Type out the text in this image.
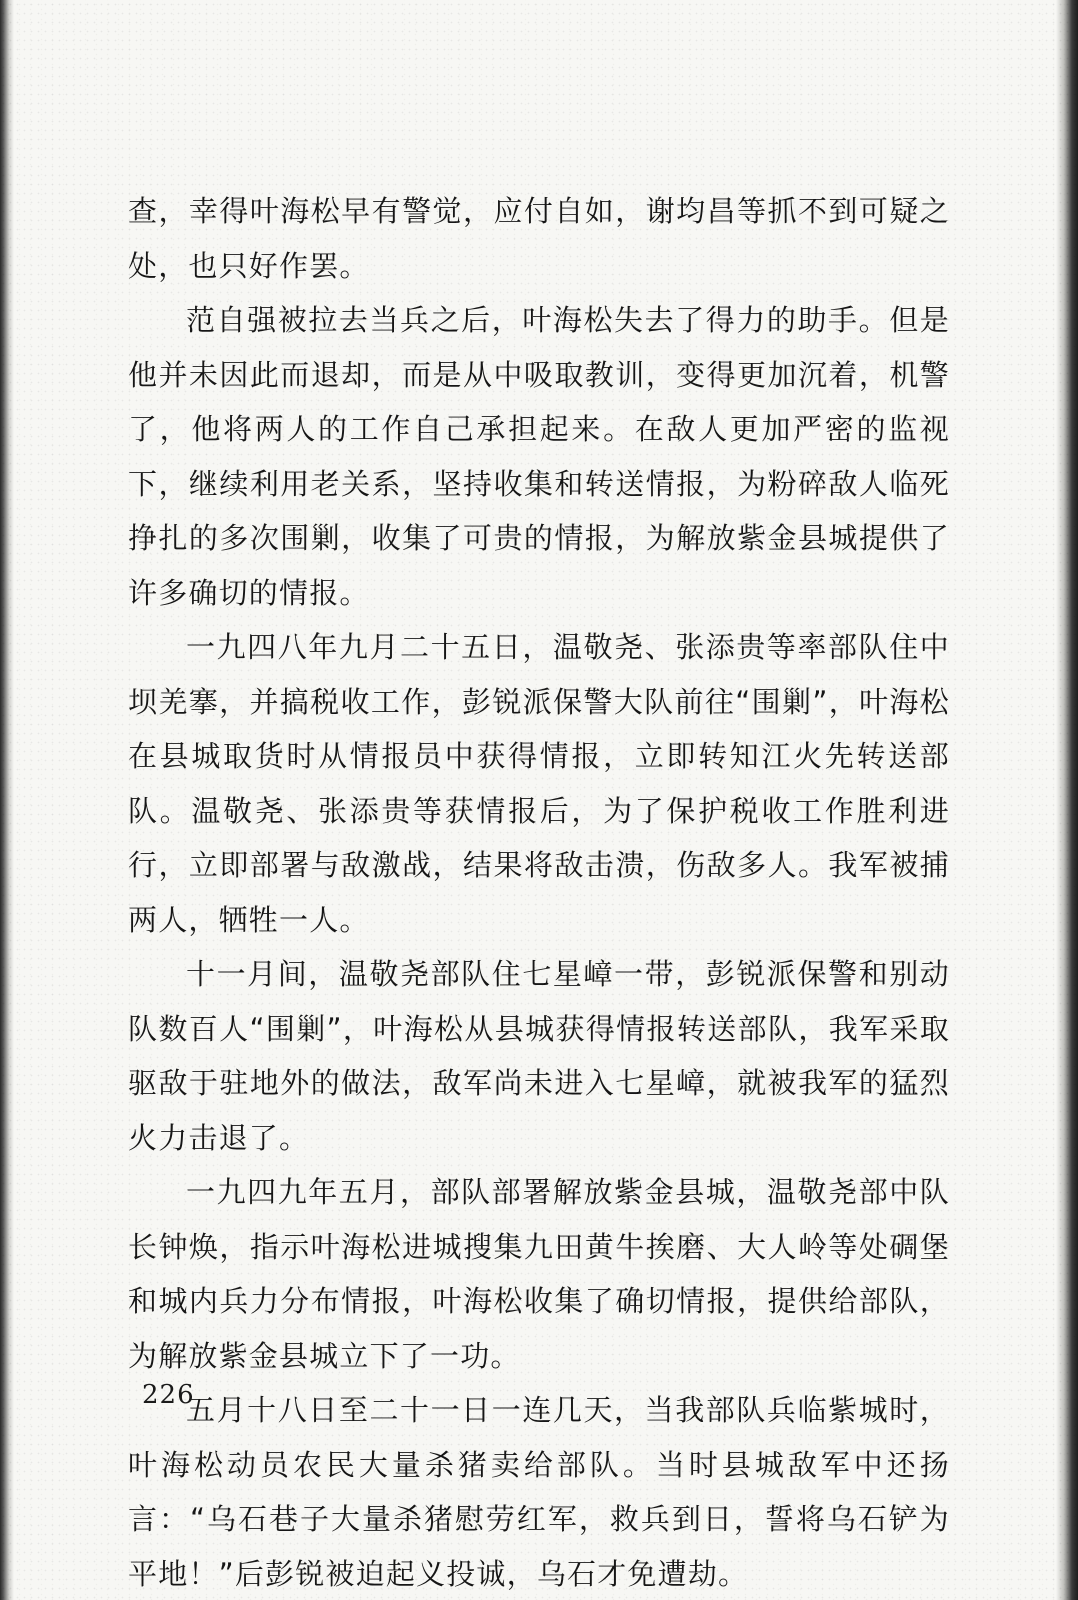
查，幸得叶海松早有警觉，应付自如，谢均昌等抓不到可疑之处，也只好作罢。

范自强被拉去当兵之后，叶海松失去了得力的助手。但是他并未因此而退却，而是从中吸取教训，变得更加沉着，机警了，他将两人的工作自己承担起来。在敌人更加严密的监视下，继续利用老关系，坚持收集和转送情报，为粉碎敌人临死挣扎的多次围剿，收集了可贵的情报，为解放紫金县城提供了许多确切的情报。

一九四八年九月二十五日，温敬尧、张添贵等率部队住中坝羌搴，并搞税收工作，彭锐派保警大队前往“围剿”，叶海松在县城取货时从情报员中获得情报，立即转知江火先转送部队。温敬尧、张添贵等获情报后，为了保护税收工作胜利进行，立即部署与敌激战，结果将敌击溃，伤敌多人。我军被捕两人，牺牲一人。

十一月间，温敬尧部队住七星嶂一带，彭锐派保警和别动队数百人“围剿”，叶海松从县城获得情报转送部队，我军采取驱敌于驻地外的做法，敌军尚未进入七星嶂，就被我军的猛烈火力击退了。

一九四九年五月，部队部署解放紫金县城，温敬尧部中队长钟焕，指示叶海松进城搜集九田黄牛挨磨、大人岭等处碉堡和城内兵力分布情报，叶海松收集了确切情报，提供给部队，为解放紫金县城立下了一功。

五月十八日至二十一日一连几天，当我部队兵临紫城时，叶海松动员农民大量杀猪卖给部队。当时县城敌军中还扬言：“乌石巷子大量杀猪慰劳红军，救兵到日，誓将乌石铲为平地！”后彭锐被迫起义投诚，乌石才免遭劫。

226
